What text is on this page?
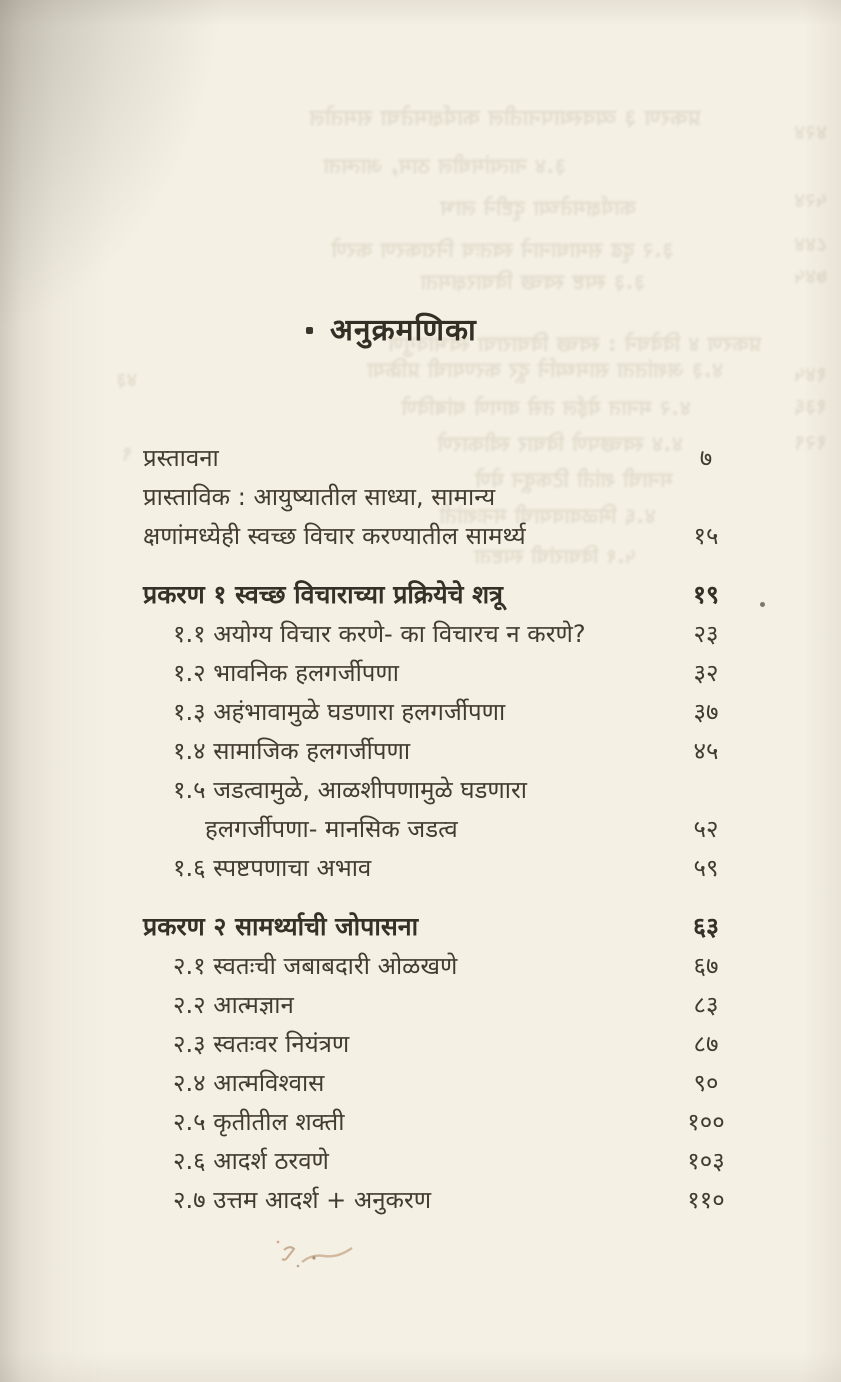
प्रकरण ३ व्यवस्थापनातील कार्यक्षमतेचा समतोल
४२४
३.४ नात्यांमधील ठाम, आत्मता
५२४
कार्यक्षमतेच्या दृष्टीने लाभ
८४४
३.२ दृढ समाधानाने स्वतःच निराकरण करणे
७४५
३.३ स्पष्ट स्वच्छ विचारक्षमता
प्रकरण ४ विवेचने : स्वच्छ विचाराचा स्वभावगुण
१४५
४.३ अशांतता सामर्थ्याने दूर करण्याची प्रक्रिया
१३६
४.२ मनात येईल तसे वागणे थांबविणे
१२९
४.४ स्वच्छपणे विचार स्वीकारणे
मनाची शांती टिकवून घेणे
४.६ मिळवावयाची मनःशांती
५.१ विचारांची स्पष्टता
४३
९
अनुक्रमणिका
प्रस्तावना	७
प्रास्ताविक : आयुष्यातील साध्या, सामान्य
क्षणांमध्येही स्वच्छ विचार करण्यातील सामर्थ्य	१५
प्रकरण १ स्वच्छ विचाराच्या प्रक्रियेचे शत्रू	१९
१.१ अयोग्य विचार करणे- का विचारच न करणे?	२३
१.२ भावनिक हलगर्जीपणा	३२
१.३ अहंभावामुळे घडणारा हलगर्जीपणा	३७
१.४ सामाजिक हलगर्जीपणा	४५
१.५ जडत्वामुळे, आळशीपणामुळे घडणारा
हलगर्जीपणा- मानसिक जडत्व	५२
१.६ स्पष्टपणाचा अभाव	५९
प्रकरण २ सामर्थ्याची जोपासना	६३
२.१ स्वतःची जबाबदारी ओळखणे	६७
२.२ आत्मज्ञान	८३
२.३ स्वतःवर नियंत्रण	८७
२.४ आत्मविश्वास	९०
२.५ कृतीतील शक्ती	१००
२.६ आदर्श ठरवणे	१०३
२.७ उत्तम आदर्श + अनुकरण	११०
